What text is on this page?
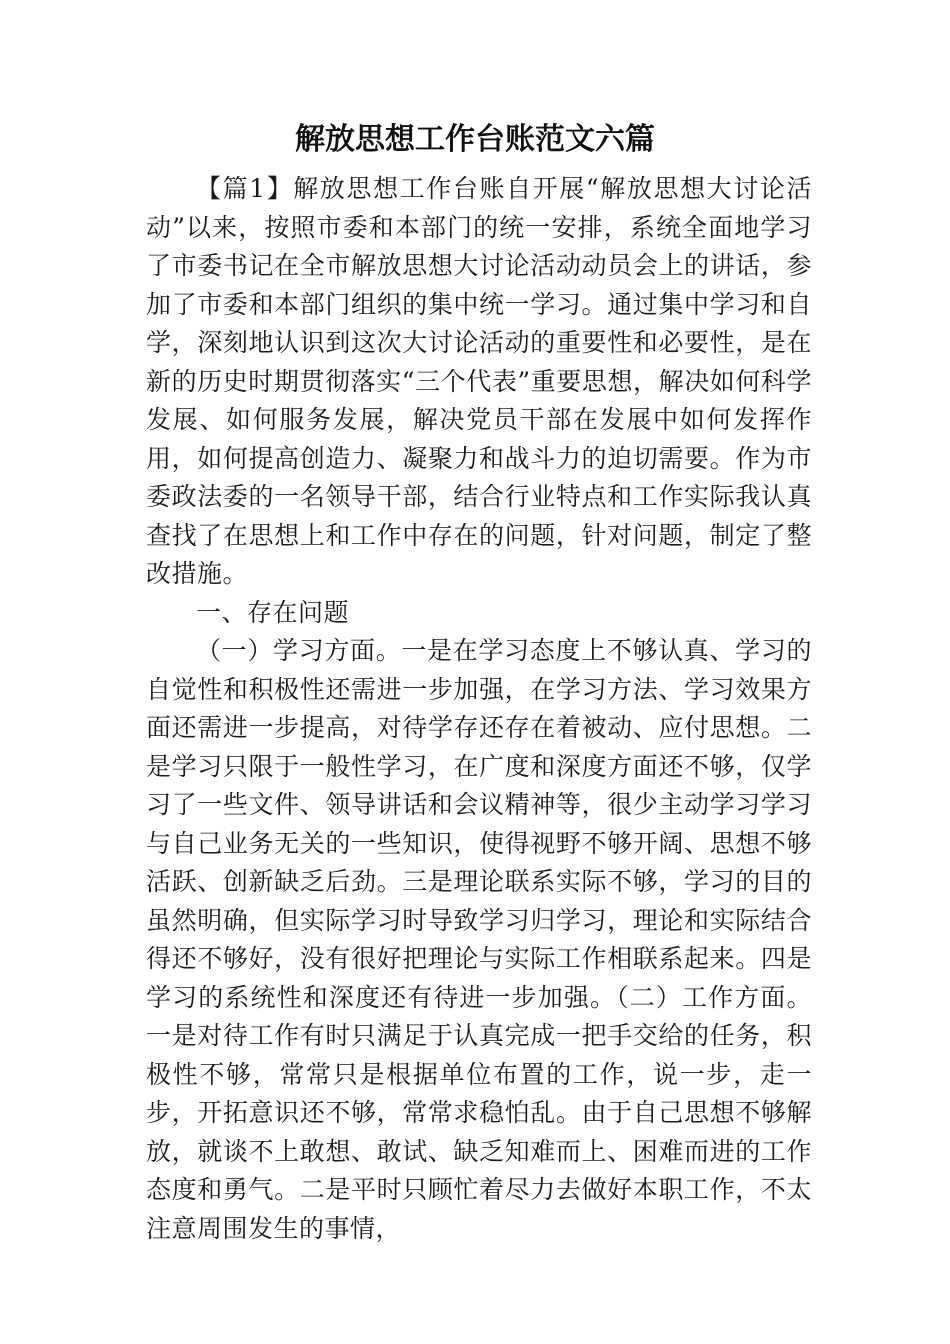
解放思想工作台账范文六篇

【篇1】解放思想工作台账自开展“解放思想大讨论活动”以来，按照市委和本部门的统一安排，系统全面地学习了市委书记在全市解放思想大讨论活动动员会上的讲话，参加了市委和本部门组织的集中统一学习。通过集中学习和自学，深刻地认识到这次大讨论活动的重要性和必要性，是在新的历史时期贯彻落实“三个代表”重要思想，解决如何科学发展、如何服务发展，解决党员干部在发展中如何发挥作用，如何提高创造力、凝聚力和战斗力的迫切需要。作为市委政法委的一名领导干部，结合行业特点和工作实际我认真查找了在思想上和工作中存在的问题，针对问题，制定了整改措施。

一、存在问题

（一）学习方面。一是在学习态度上不够认真、学习的自觉性和积极性还需进一步加强，在学习方法、学习效果方面还需进一步提高，对待学存还存在着被动、应付思想。二是学习只限于一般性学习，在广度和深度方面还不够，仅学习了一些文件、领导讲话和会议精神等，很少主动学习学习与自己业务无关的一些知识，使得视野不够开阔、思想不够活跃、创新缺乏后劲。三是理论联系实际不够，学习的目的虽然明确，但实际学习时导致学习归学习，理论和实际结合得还不够好，没有很好把理论与实际工作相联系起来。四是学习的系统性和深度还有待进一步加强。（二）工作方面。一是对待工作有时只满足于认真完成一把手交给的任务，积极性不够，常常只是根据单位布置的工作，说一步，走一步，开拓意识还不够，常常求稳怕乱。由于自己思想不够解放，就谈不上敢想、敢试、缺乏知难而上、困难而进的工作态度和勇气。二是平时只顾忙着尽力去做好本职工作，不太注意周围发生的事情，
